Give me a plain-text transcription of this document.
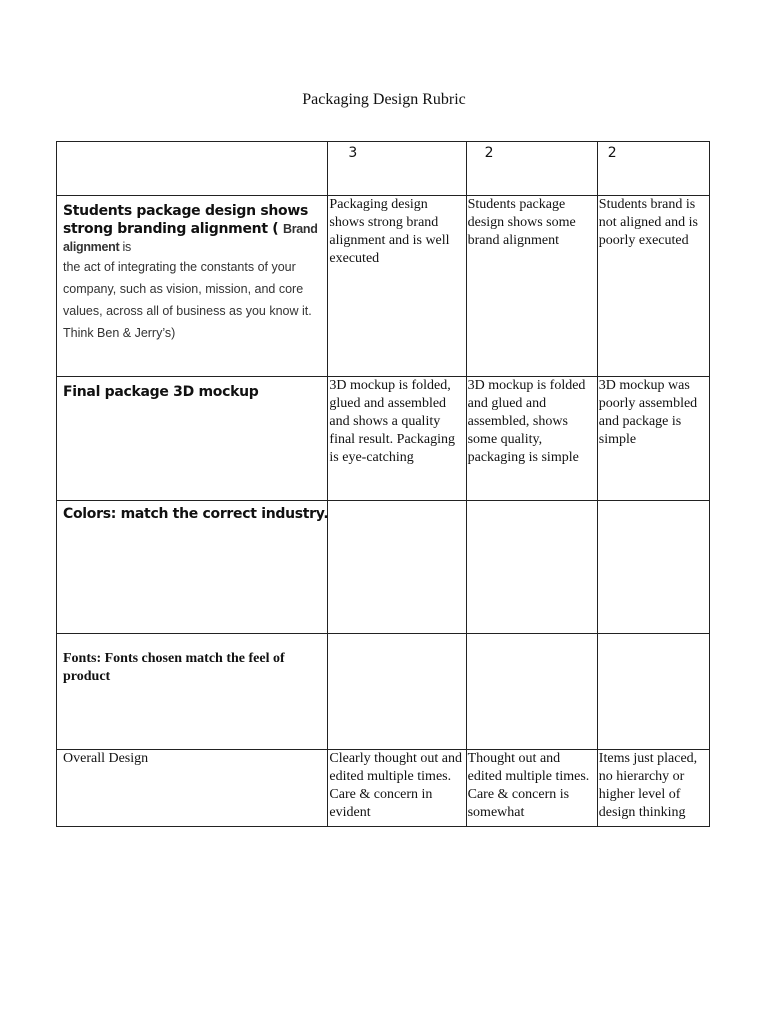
Packaging Design Rubric
	3	2	2
Students package design shows strong branding alignment ( Brand alignment is
the act of integrating the constants of your company, such as vision, mission, and core values, across all of business as you know it. Think Ben & Jerry’s)	Packaging design shows strong brand alignment and is well executed	Students package design shows some brand alignment	Students brand is not aligned and is poorly executed
Final package 3D mockup	3D mockup is folded, glued and assembled and shows a quality final result. Packaging is eye-catching	3D mockup is folded and glued and assembled, shows some quality, packaging is simple	3D mockup was poorly assembled and package is simple
Colors: match the correct industry.			
Fonts: Fonts chosen match the feel of product			
Overall Design	Clearly thought out and edited multiple times. Care & concern in evident	Thought out and edited multiple times. Care & concern is somewhat	Items just placed, no hierarchy or higher level of design thinking
